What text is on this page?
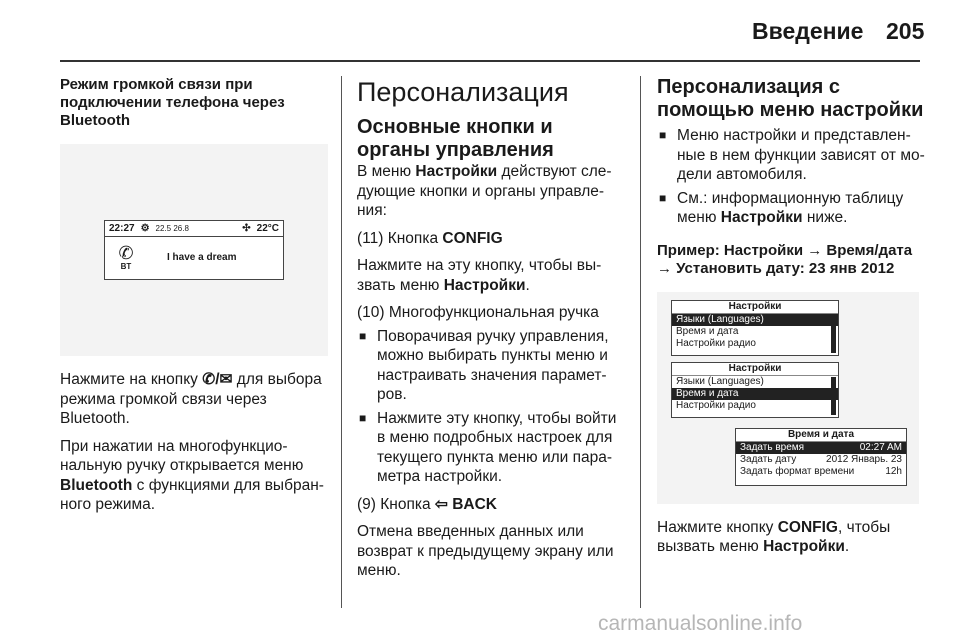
Введение 205
Режим громкой связи при подключении телефона через Bluetooth
22:27 ⚙ 22.5 26.8	✣ 22°C
✆
BT
I have a dream

Нажмите на кнопку ✆/✉ для выбора режима громкой связи через Bluetooth.

При нажатии на многофункцио-нальную ручку открывается меню Bluetooth с функциями для выбран-ного режима.

Персонализация
Основные кнопки и органы управления
В меню Настройки действуют сле-дующие кнопки и органы управле-ния:

(11) Кнопка CONFIG

Нажмите на эту кнопку, чтобы вы-звать меню Настройки.

(10) Многофункциональная ручка

■ Поворачивая ручку управления, можно выбирать пункты меню и настраивать значения парамет-ров.
■ Нажмите эту кнопку, чтобы войти в меню подробных настроек для текущего пункта меню или пара-метра настройки.

(9) Кнопка ⇦ BACK

Отмена введенных данных или возврат к предыдущему экрану или меню.

Персонализация с помощью меню настройки
■ Меню настройки и представлен-ные в нем функции зависят от мо-дели автомобиля.
■ См.: информационную таблицу меню Настройки ниже.

Пример: Настройки → Время/дата → Установить дату: 23 янв 2012

Настройки
Языки (Languages)
Время и дата
Настройки радио
Настройки
Языки (Languages)
Время и дата
Настройки радио
Время и дата
Задать время	02:27 AM
Задать дату	2012 Январь. 23
Задать формат времени	12h

Нажмите кнопку CONFIG, чтобы вызвать меню Настройки.

carmanualsonline.info
